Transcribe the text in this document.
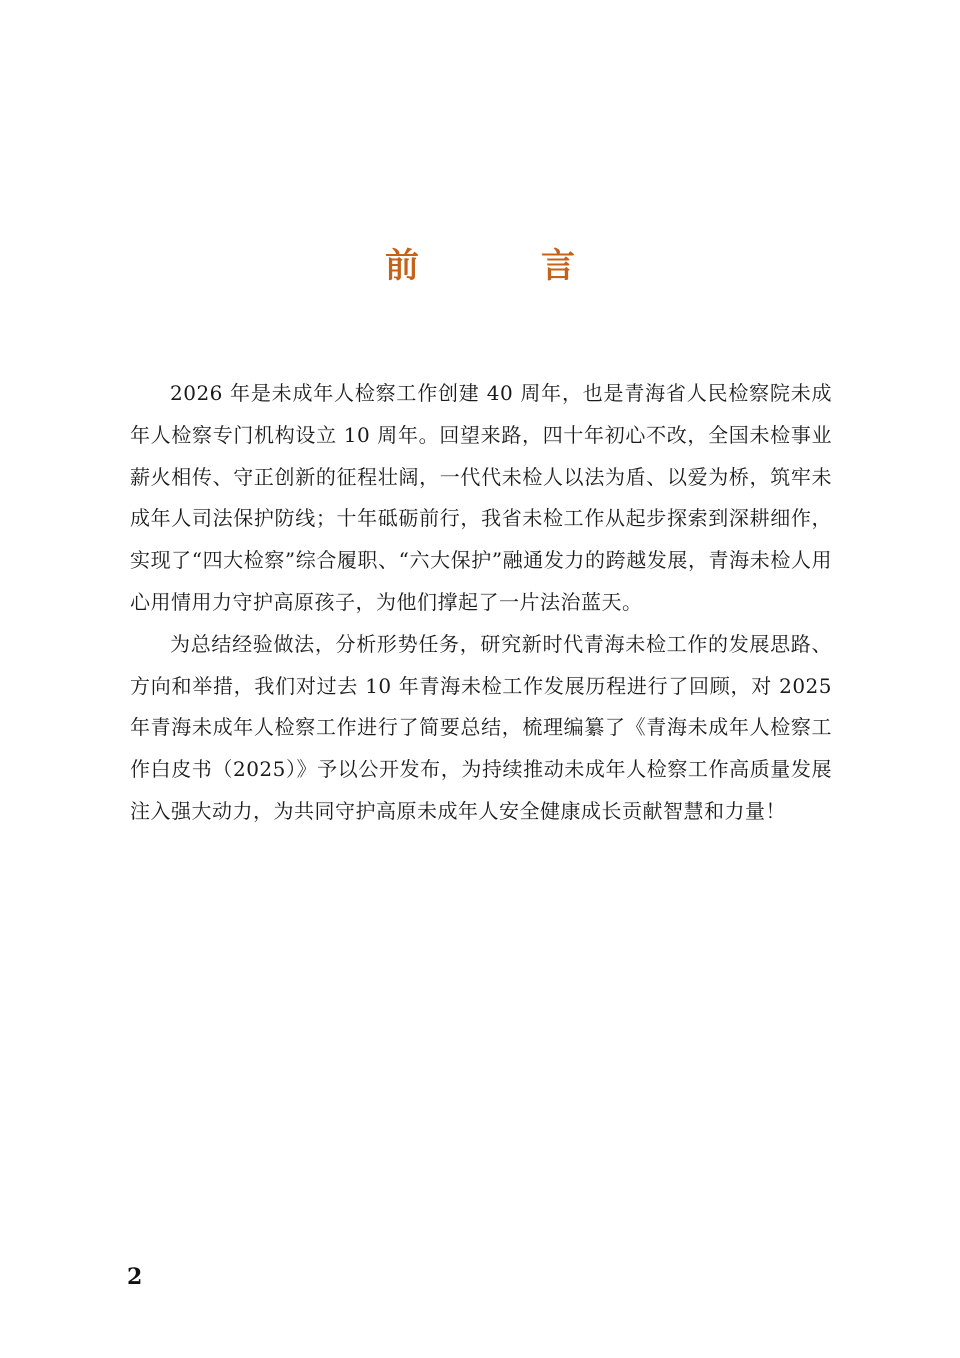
前　言

2026 年是未成年人检察工作创建 40 周年，也是青海省人民检察院未成年人检察专门机构设立 10 周年。回望来路，四十年初心不改，全国未检事业薪火相传、守正创新的征程壮阔，一代代未检人以法为盾、以爱为桥，筑牢未成年人司法保护防线；十年砥砺前行，我省未检工作从起步探索到深耕细作，实现了“四大检察”综合履职、“六大保护”融通发力的跨越发展，青海未检人用心用情用力守护高原孩子，为他们撑起了一片法治蓝天。

为总结经验做法，分析形势任务，研究新时代青海未检工作的发展思路、方向和举措，我们对过去 10 年青海未检工作发展历程进行了回顾，对 2025 年青海未成年人检察工作进行了简要总结，梳理编纂了《青海未成年人检察工作白皮书（2025）》予以公开发布，为持续推动未成年人检察工作高质量发展注入强大动力，为共同守护高原未成年人安全健康成长贡献智慧和力量！

2
